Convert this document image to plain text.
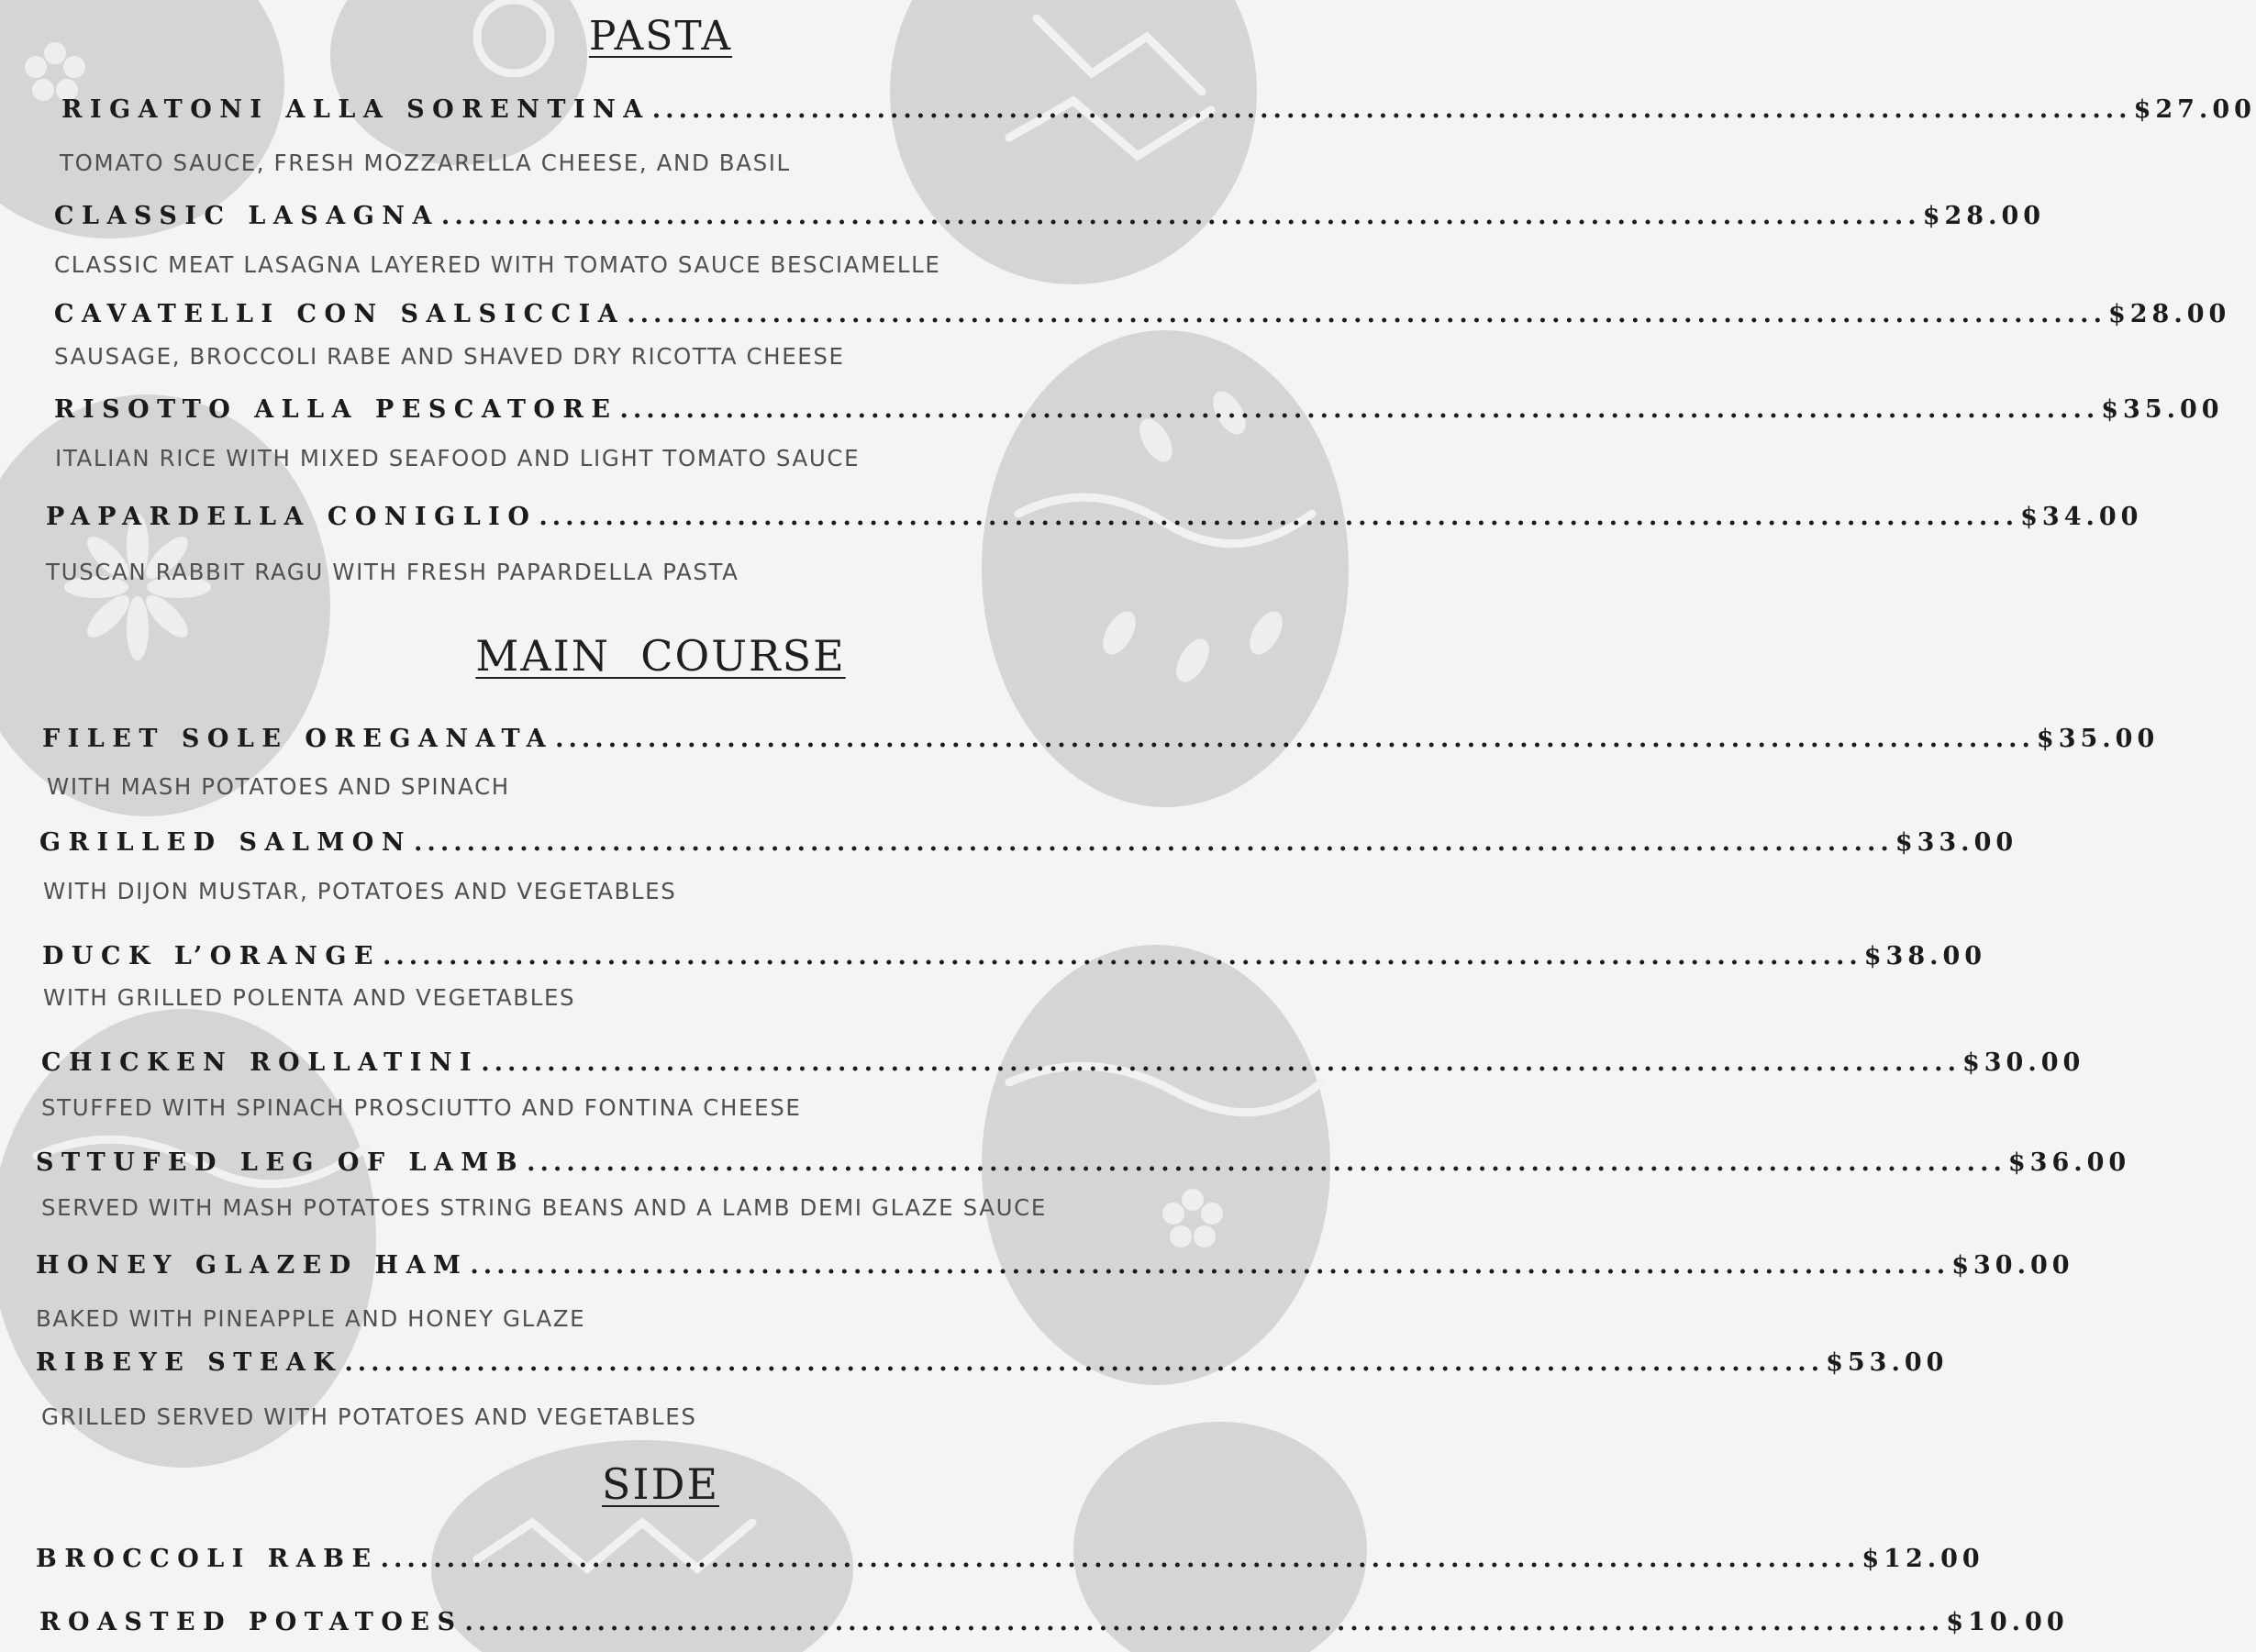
PASTA
RIGATONI ALLA SORENTINA ................................................................................................................ $27.00
TOMATO SAUCE, FRESH MOZZARELLA CHEESE, AND BASIL
CLASSIC LASAGNA ................................................................................................................ $28.00
CLASSIC MEAT LASAGNA LAYERED WITH TOMATO SAUCE BESCIAMELLE
CAVATELLI CON SALSICCIA ................................................................................................................ $28.00
SAUSAGE, BROCCOLI RABE AND SHAVED DRY RICOTTA CHEESE
RISOTTO ALLA PESCATORE ................................................................................................................ $35.00
ITALIAN RICE WITH MIXED SEAFOOD AND LIGHT TOMATO SAUCE
PAPARDELLA CONIGLIO ................................................................................................................ $34.00
TUSCAN RABBIT RAGU WITH FRESH PAPARDELLA PASTA
MAIN  COURSE
FILET SOLE OREGANATA ................................................................................................................ $35.00
WITH MASH POTATOES AND SPINACH
GRILLED SALMON ................................................................................................................ $33.00
WITH DIJON MUSTAR, POTATOES AND VEGETABLES
DUCK L’ORANGE ................................................................................................................ $38.00
WITH GRILLED POLENTA AND VEGETABLES
CHICKEN ROLLATINI ................................................................................................................ $30.00
STUFFED WITH SPINACH PROSCIUTTO AND FONTINA CHEESE
STTUFED LEG OF LAMB ................................................................................................................ $36.00
SERVED WITH MASH POTATOES STRING BEANS AND A LAMB DEMI GLAZE SAUCE
HONEY GLAZED HAM ................................................................................................................ $30.00
BAKED WITH PINEAPPLE AND HONEY GLAZE
RIBEYE STEAK ................................................................................................................ $53.00
GRILLED SERVED WITH POTATOES AND VEGETABLES
SIDE
BROCCOLI RABE ................................................................................................................ $12.00
ROASTED POTATOES ................................................................................................................ $10.00
